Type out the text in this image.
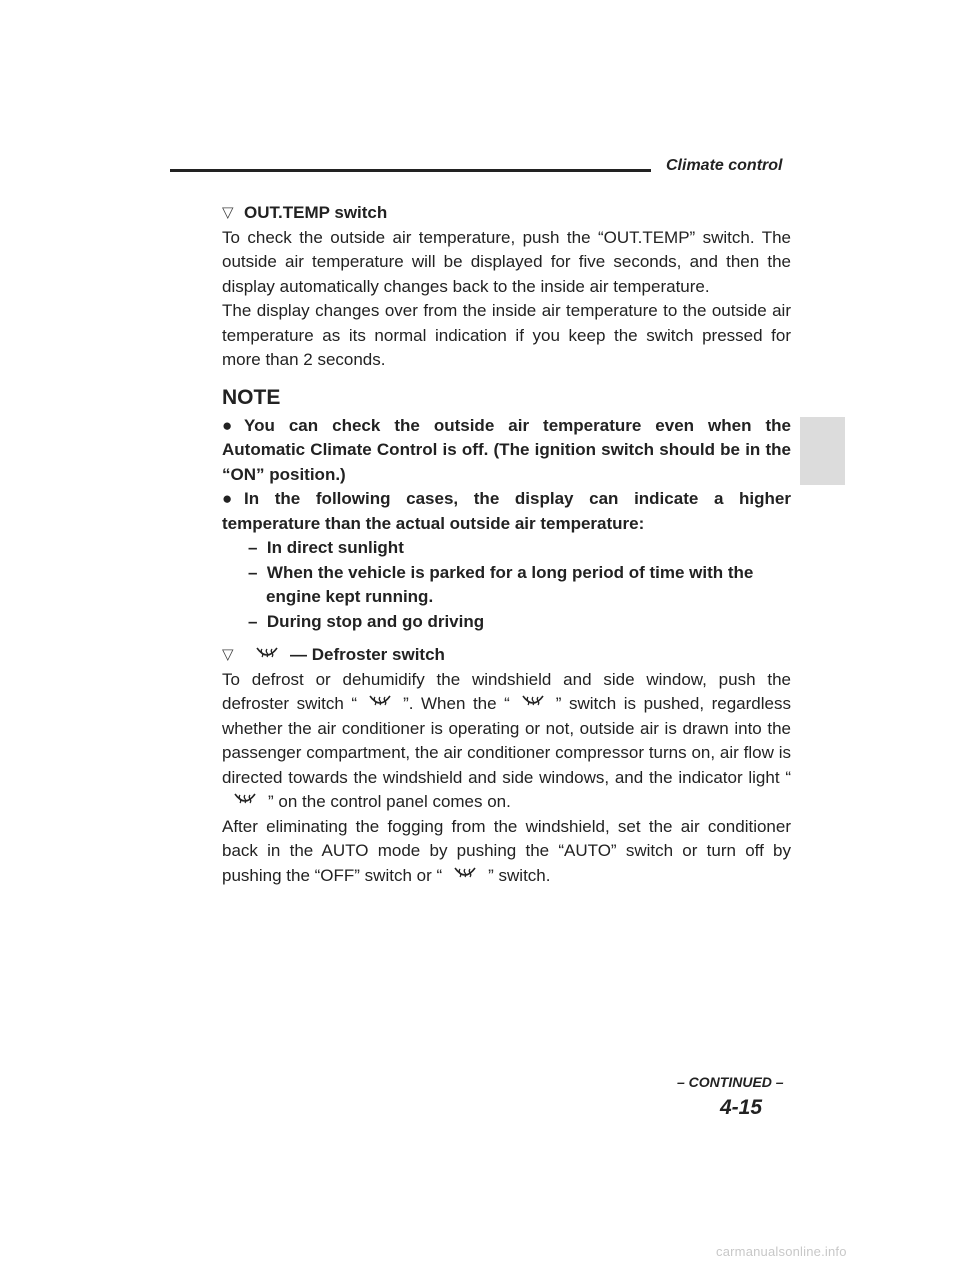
Climate control
▽ OUT.TEMP switch

To check the outside air temperature, push the “OUT.TEMP” switch. The outside air temperature will be displayed for five seconds, and then the display automatically changes back to the inside air temperature.

The display changes over from the inside air temperature to the outside air temperature as its normal indication if you keep the switch pressed for more than 2 seconds.

NOTE

● You can check the outside air temperature even when the Automatic Climate Control is off. (The ignition switch should be in the “ON” position.)

● In the following cases, the display can indicate a higher temperature than the actual outside air temperature:

–  In direct sunlight

–  When the vehicle is parked for a long period of time with the engine kept running.

–  During stop and go driving

▽	— Defroster switch

To defrost or dehumidify the windshield and side window, push the defroster switch “	”. When the “	” switch is pushed, regardless whether the air conditioner is operating or not, outside air is drawn into the passenger compartment, the air conditioner compressor turns on, air flow is directed towards the windshield and side windows, and the indicator light “” on the control panel comes on.

After eliminating the fogging from the windshield, set the air conditioner back in the AUTO mode by pushing the “AUTO” switch or turn off by pushing the “OFF” switch or “	” switch.

– CONTINUED –
4-15
carmanualsonline.info
